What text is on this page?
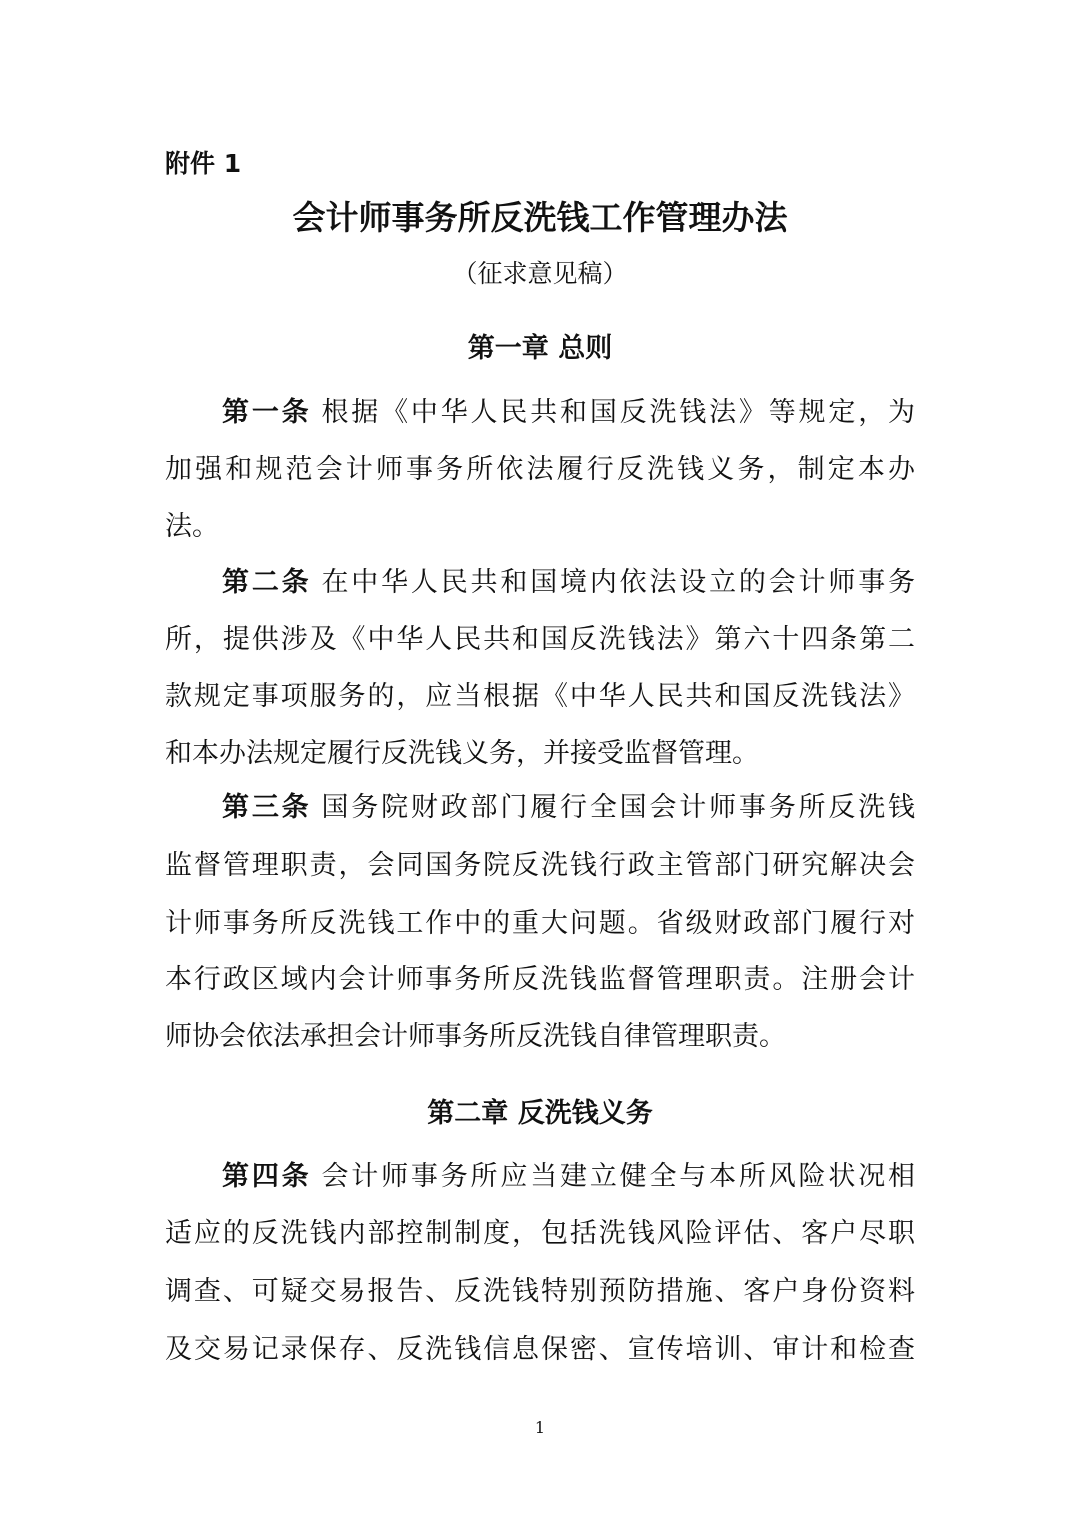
附件 1
会计师事务所反洗钱工作管理办法
（征求意见稿）
第一章 总则
第二章 反洗钱义务
第一条 根据《中华人民共和国反洗钱法》等规定，为
加强和规范会计师事务所依法履行反洗钱义务，制定本办
法。
第二条 在中华人民共和国境内依法设立的会计师事务
所，提供涉及《中华人民共和国反洗钱法》第六十四条第二
款规定事项服务的，应当根据《中华人民共和国反洗钱法》
和本办法规定履行反洗钱义务，并接受监督管理。
第三条 国务院财政部门履行全国会计师事务所反洗钱
监督管理职责，会同国务院反洗钱行政主管部门研究解决会
计师事务所反洗钱工作中的重大问题。省级财政部门履行对
本行政区域内会计师事务所反洗钱监督管理职责。注册会计
师协会依法承担会计师事务所反洗钱自律管理职责。
第四条 会计师事务所应当建立健全与本所风险状况相
适应的反洗钱内部控制制度，包括洗钱风险评估、客户尽职
调查、可疑交易报告、反洗钱特别预防措施、客户身份资料
及交易记录保存、反洗钱信息保密、宣传培训、审计和检查
1
